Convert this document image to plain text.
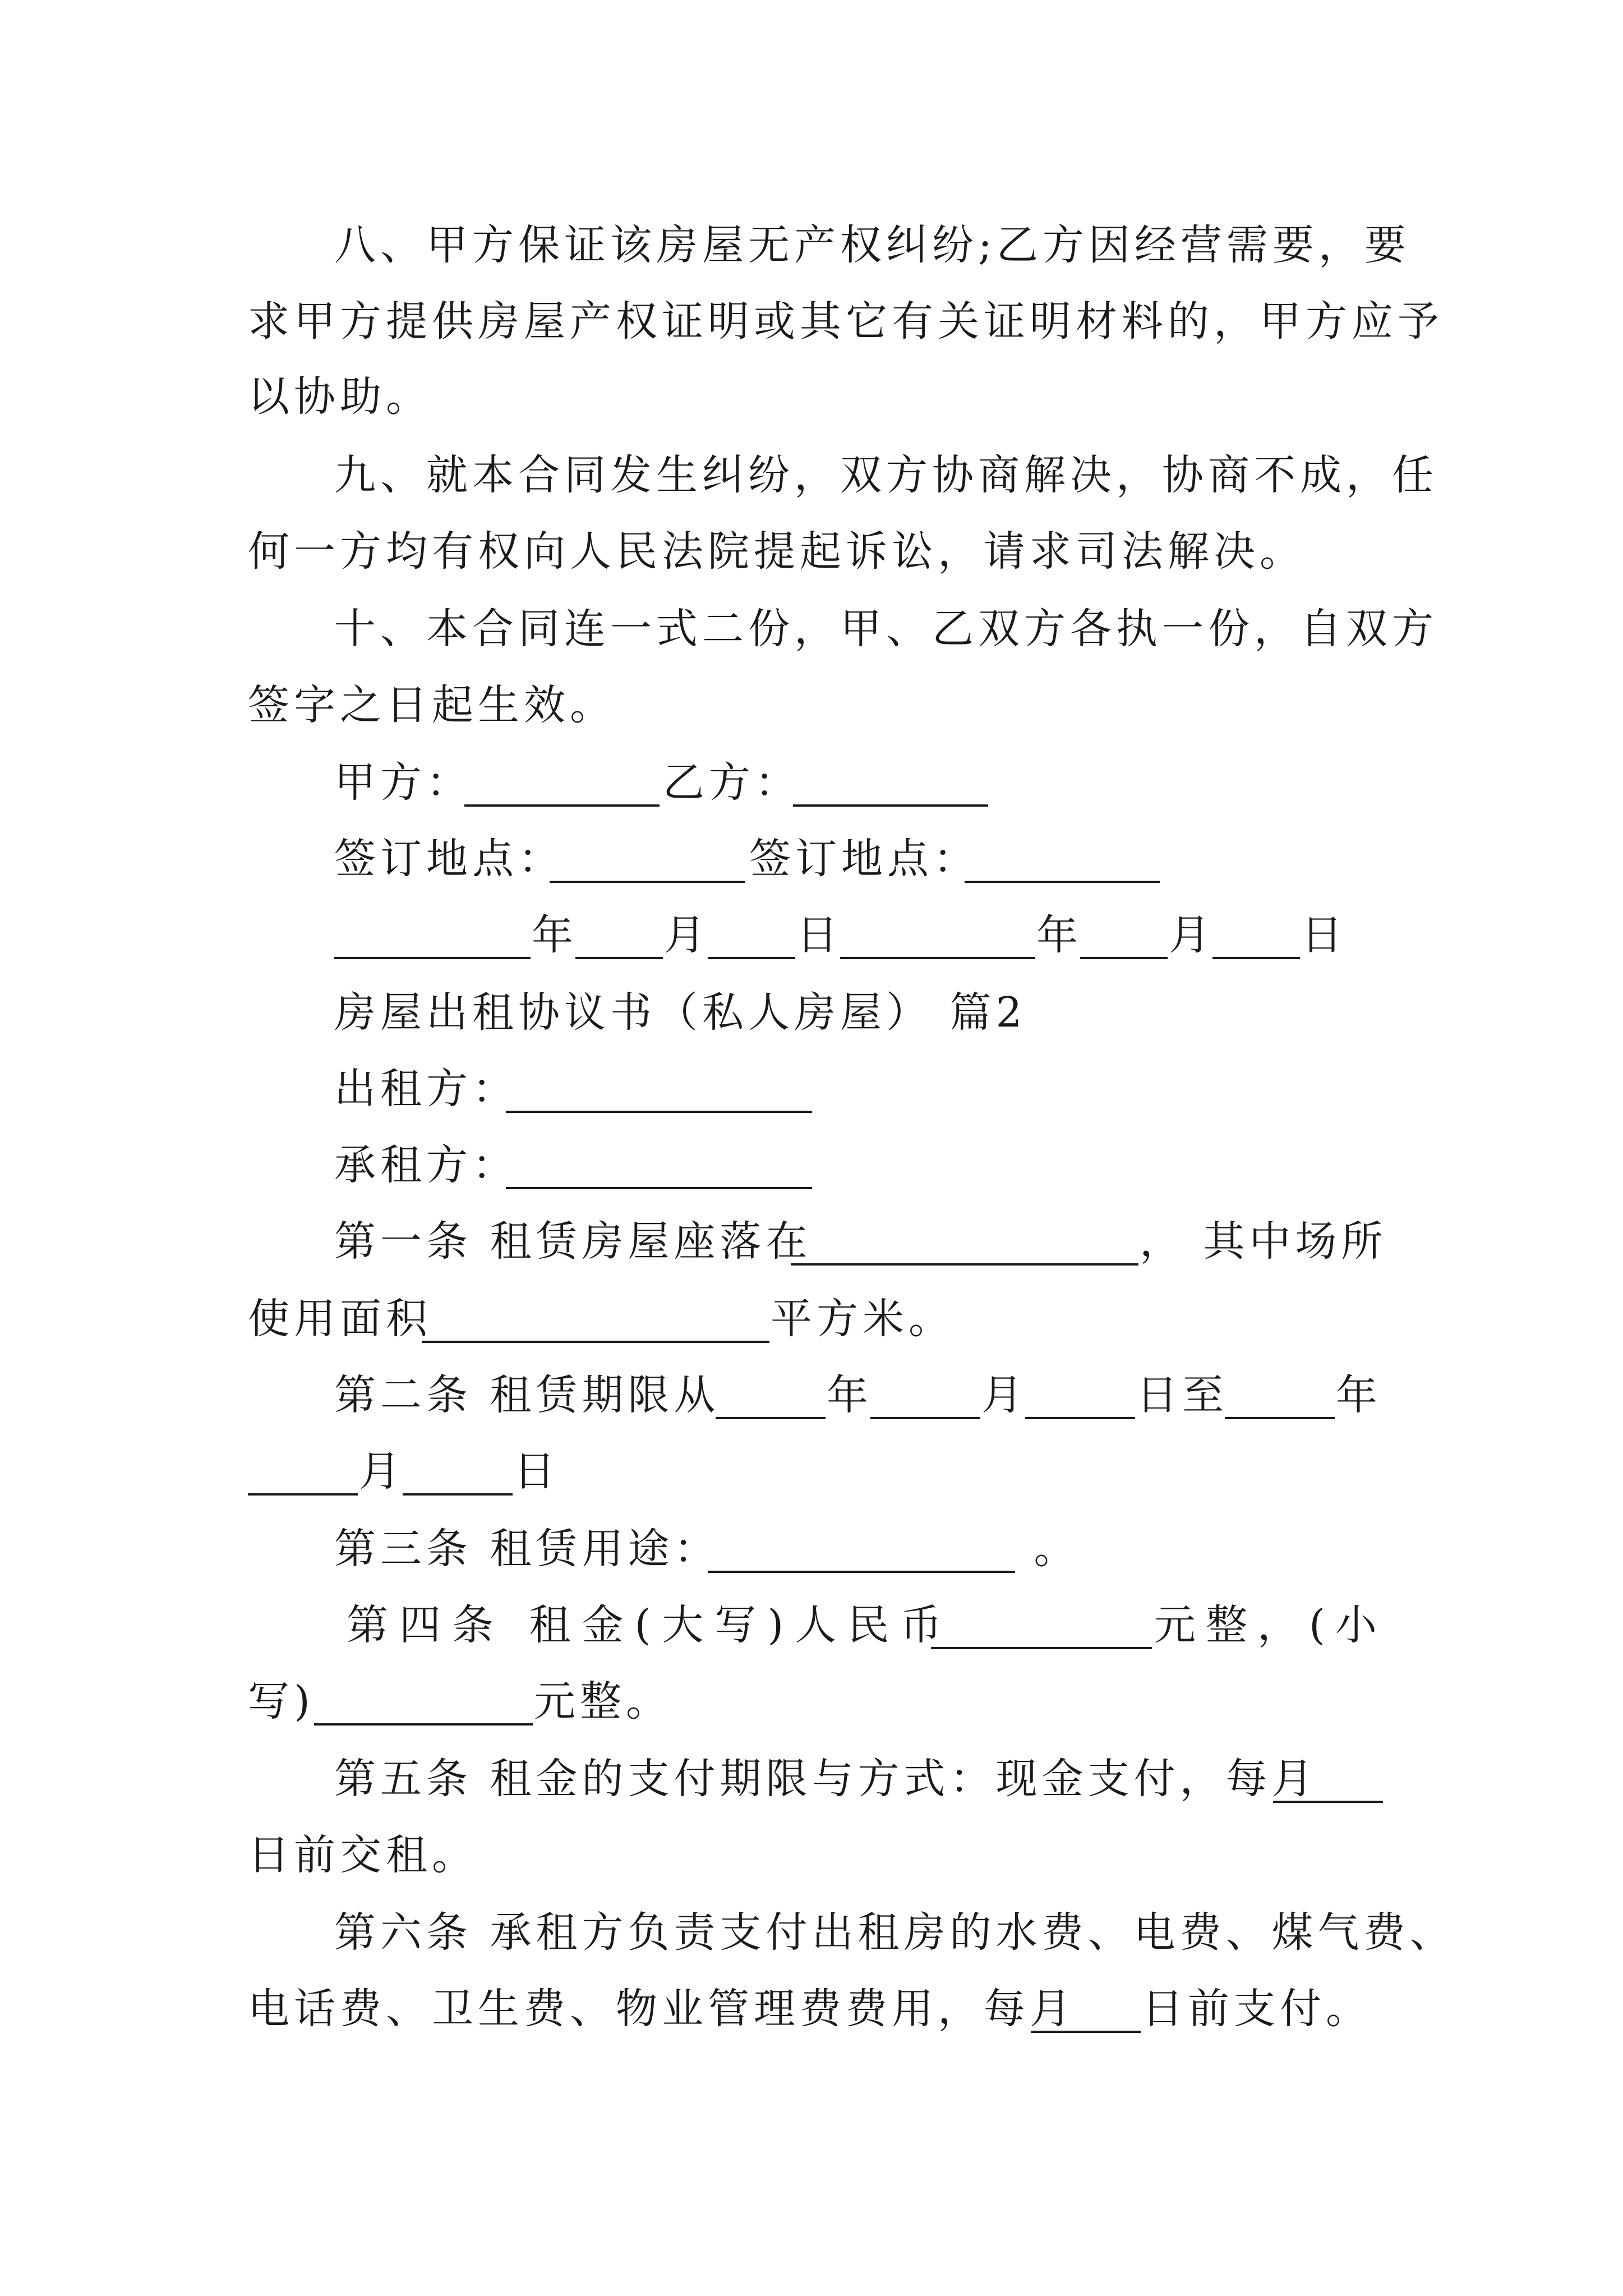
八、甲方保证该房屋无产权纠纷;乙方因经营需要，要

求甲方提供房屋产权证明或其它有关证明材料的，甲方应予

以协助。

九、就本合同发生纠纷，双方协商解决，协商不成，任

何一方均有权向人民法院提起诉讼，请求司法解决。

十、本合同连一式二份，甲、乙双方各执一份，自双方

签字之日起生效。

甲方：

	乙方：

签订地点：

	签订地点：

年

月

日

	年

月

日

房屋出租协议书（私人房屋） 篇2

出租方：

承租方：

第一条 租赁房屋座落在

	， 其中场所

使用面积

	平方米。

第二条 租赁期限从

	年

	月

	日至

	年

月

	日

第三条 租赁用途：

	。

第四条 租金(大写)人民币

	元整，(小

写)

	元整。

第五条 租金的支付期限与方式：现金支付，每月

日前交租。

第六条 承租方负责支付出租房的水费、电费、煤气费、

电话费、卫生费、物业管理费费用，每月

日前支付。
